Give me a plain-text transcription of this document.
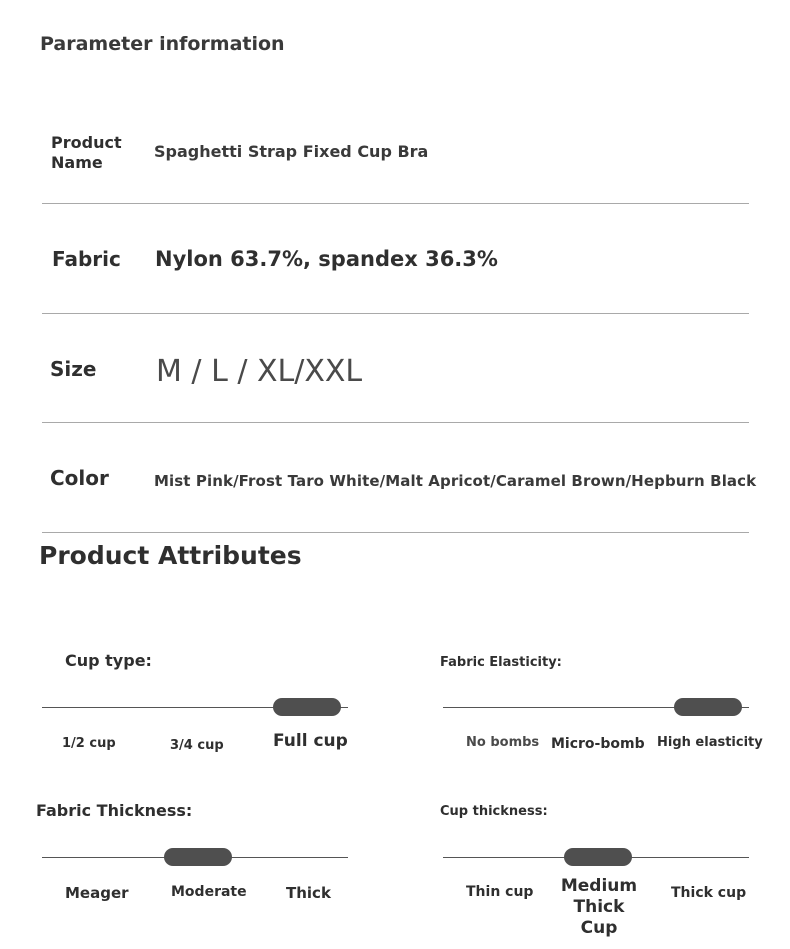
Parameter information
Product Name
Spaghetti Strap Fixed Cup Bra
Fabric Nylon 63.7%, spandex 36.3%
Size M / L / XL/XXL
Color	Mist Pink/Frost Taro White/Malt Apricot/Caramel Brown/Hepburn Black
Product Attributes
Cup type:
1/2 cup	3/4 cup	Full cup
Fabric Elasticity:
No bombs Micro-bomb High elasticity
Fabric Thickness:
Meager	Moderate	Thick
Cup thickness:
Thin cup	Medium Thick Cup
Thick cup
